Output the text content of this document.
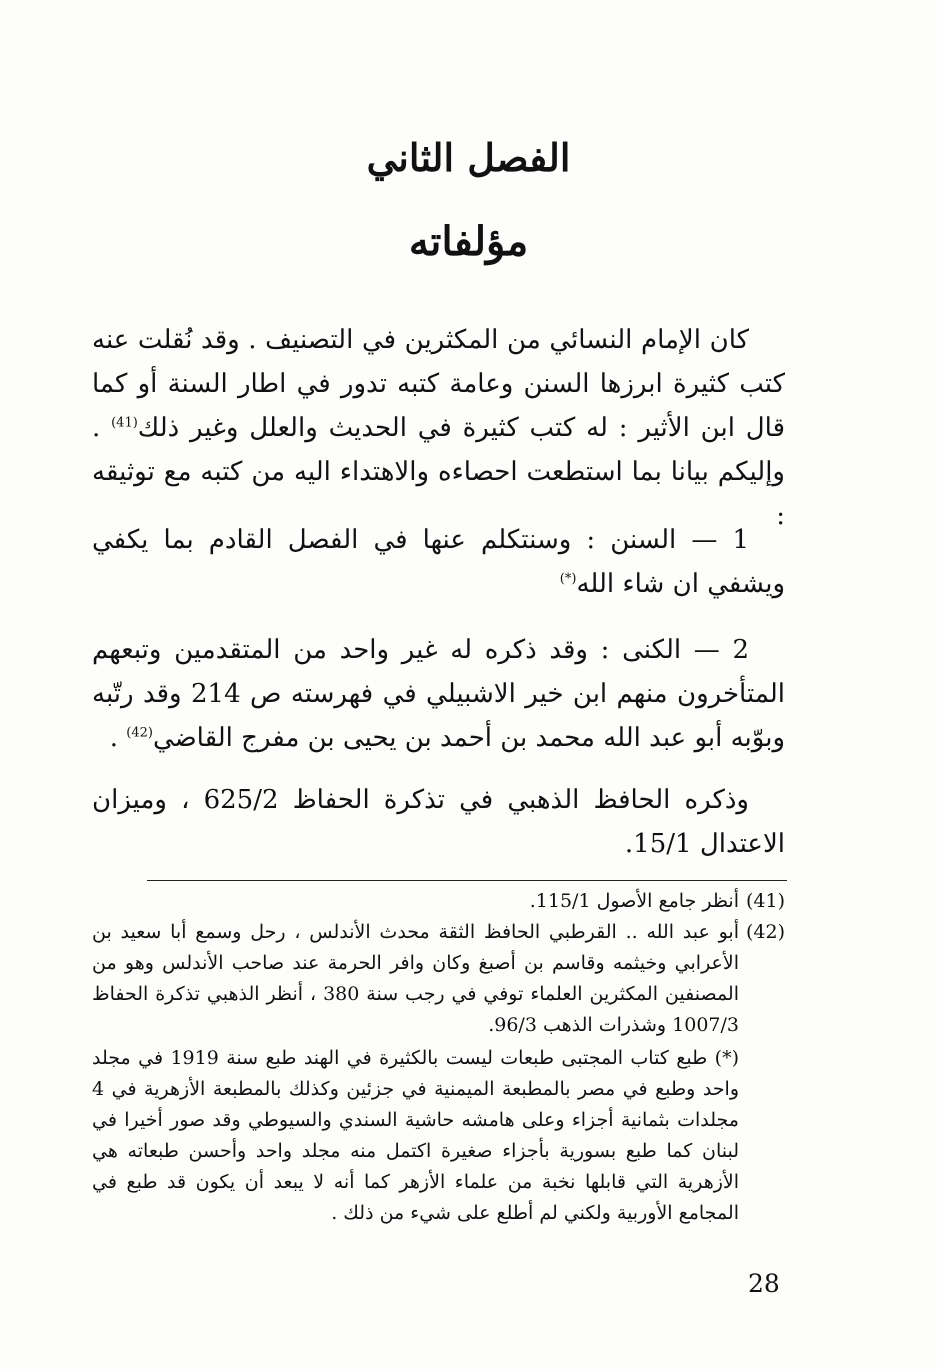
الفصل الثاني
مؤلفاته
كان الإمام النسائي من المكثرين في التصنيف . وقد نُقلت عنه كتب كثيرة ابرزها السنن وعامة كتبه تدور في اطار السنة أو كما قال ابن الأثير : له كتب كثيرة في الحديث والعلل وغير ذلك$^{(41)}$ . وإليكم بيانا بما استطعت احصاءه والاهتداء اليه من كتبه مع توثيقه :
1 — السنن : وسنتكلم عنها في الفصل القادم بما يكفي ويشفي ان شاء الله(*)
2 — الكنى : وقد ذكره له غير واحد من المتقدمين وتبعهم المتأخرون منهم ابن خير الاشبيلي في فهرسته ص 214 وقد رتّبه وبوّبه أبو عبد الله محمد بن أحمد بن يحيى بن مفرج القاضي$^{(42)}$ .
وذكره الحافظ الذهبي في تذكرة الحفاظ 625/2 ، وميزان الاعتدال 15/1.
(41)
أنظر جامع الأصول 115/1.
(42)
أبو عبد الله .. القرطبي الحافظ الثقة محدث الأندلس ، رحل وسمع أبا سعيد بن الأعرابي وخيثمه وقاسم بن أصبغ وكان وافر الحرمة عند صاحب الأندلس وهو من المصنفين المكثرين العلماء توفي في رجب سنة 380 ، أنظر الذهبي تذكرة الحفاظ 1007/3 وشذرات الذهب 96/3.
(*) طبع كتاب المجتبى طبعات ليست بالكثيرة في الهند طبع سنة 1919 في مجلد واحد وطبع في مصر بالمطبعة الميمنية في جزئين وكذلك بالمطبعة الأزهرية في 4 مجلدات بثمانية أجزاء وعلى هامشه حاشية السندي والسيوطي وقد صور أخيرا في لبنان كما طبع بسورية بأجزاء صغيرة اكتمل منه مجلد واحد وأحسن طبعاته هي الأزهرية التي قابلها نخبة من علماء الأزهر كما أنه لا يبعد أن يكون قد طبع في المجامع الأوربية ولكني لم أطلع على شيء من ذلك .
28
